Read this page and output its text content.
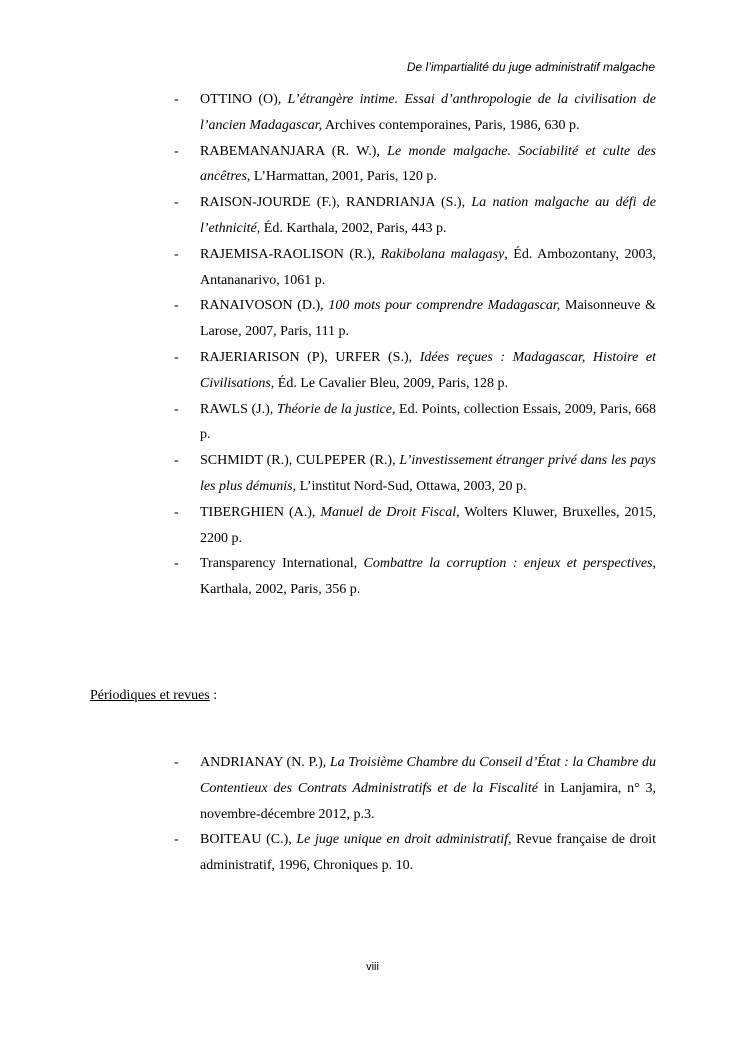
De l’impartialité du juge administratif malgache
- OTTINO (O), L’étrangère intime. Essai d’anthropologie de la civilisation de l’ancien Madagascar, Archives contemporaines, Paris, 1986, 630 p.
- RABEMANANJARA (R. W.), Le monde malgache. Sociabilité et culte des ancêtres, L’Harmattan, 2001, Paris, 120 p.
- RAISON-JOURDE (F.), RANDRIANJA (S.), La nation malgache au défi de l’ethnicité, Éd. Karthala, 2002, Paris, 443 p.
- RAJEMISA-RAOLISON (R.), Rakibolana malagasy, Éd. Ambozontany, 2003, Antananarivo, 1061 p.
- RANAIVOSON (D.), 100 mots pour comprendre Madagascar, Maisonneuve & Larose, 2007, Paris, 111 p.
- RAJERIARISON (P), URFER (S.), Idées reçues : Madagascar, Histoire et Civilisations, Éd. Le Cavalier Bleu, 2009, Paris, 128 p.
- RAWLS (J.), Théorie de la justice, Ed. Points, collection Essais, 2009, Paris, 668 p.
- SCHMIDT (R.), CULPEPER (R.), L’investissement étranger privé dans les pays les plus démunis, L’institut Nord-Sud, Ottawa, 2003, 20 p.
- TIBERGHIEN (A.), Manuel de Droit Fiscal, Wolters Kluwer, Bruxelles, 2015, 2200 p.
- Transparency International, Combattre la corruption : enjeux et perspectives, Karthala, 2002, Paris, 356 p.
Périodiques et revues :
- ANDRIANAY (N. P.), La Troisième Chambre du Conseil d’État : la Chambre du Contentieux des Contrats Administratifs et de la Fiscalité in Lanjamira, n° 3, novembre-décembre 2012, p.3.
- BOITEAU (C.), Le juge unique en droit administratif, Revue française de droit administratif, 1996, Chroniques p. 10.
viii
